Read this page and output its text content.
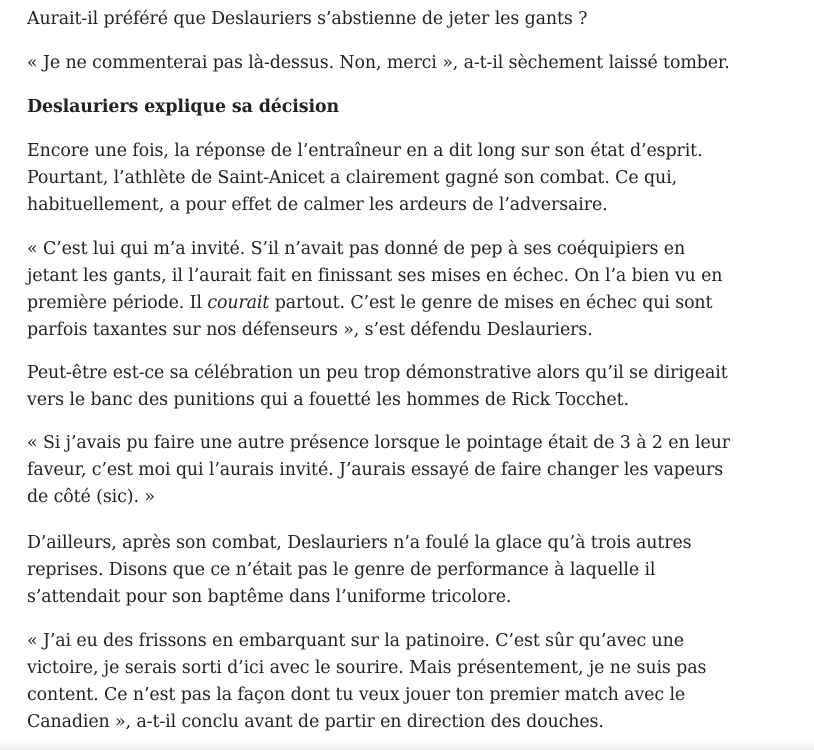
Aurait-il préféré que Deslauriers s’abstienne de jeter les gants ?

« Je ne commenterai pas là-dessus. Non, merci », a-t-il sèchement laissé tomber.

Deslauriers explique sa décision

Encore une fois, la réponse de l’entraîneur en a dit long sur son état d’esprit.
Pourtant, l’athlète de Saint-Anicet a clairement gagné son combat. Ce qui,
habituellement, a pour effet de calmer les ardeurs de l’adversaire.

« C’est lui qui m’a invité. S’il n’avait pas donné de pep à ses coéquipiers en
jetant les gants, il l’aurait fait en finissant ses mises en échec. On l’a bien vu en
première période. Il courait partout. C’est le genre de mises en échec qui sont
parfois taxantes sur nos défenseurs », s’est défendu Deslauriers.

Peut-être est-ce sa célébration un peu trop démonstrative alors qu’il se dirigeait
vers le banc des punitions qui a fouetté les hommes de Rick Tocchet.

« Si j’avais pu faire une autre présence lorsque le pointage était de 3 à 2 en leur
faveur, c’est moi qui l’aurais invité. J’aurais essayé de faire changer les vapeurs
de côté (sic). »

D’ailleurs, après son combat, Deslauriers n’a foulé la glace qu’à trois autres
reprises. Disons que ce n’était pas le genre de performance à laquelle il
s’attendait pour son baptême dans l’uniforme tricolore.

« J’ai eu des frissons en embarquant sur la patinoire. C’est sûr qu’avec une
victoire, je serais sorti d’ici avec le sourire. Mais présentement, je ne suis pas
content. Ce n’est pas la façon dont tu veux jouer ton premier match avec le
Canadien », a-t-il conclu avant de partir en direction des douches.
